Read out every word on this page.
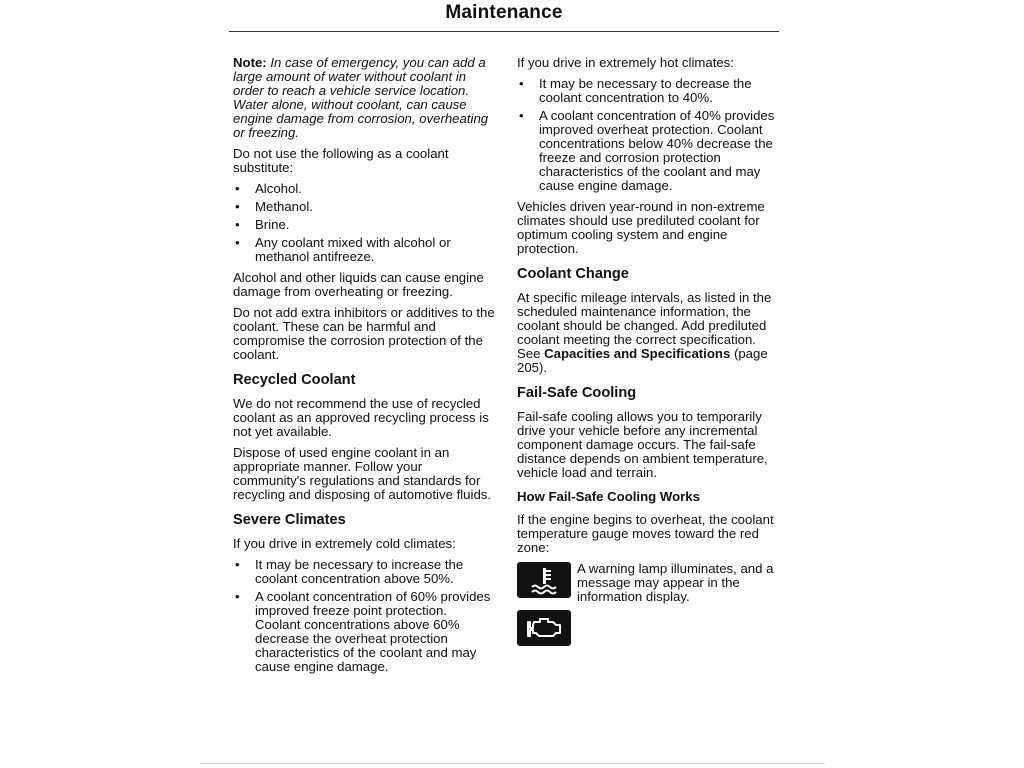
Maintenance

Note: In case of emergency, you can add a large amount of water without coolant in order to reach a vehicle service location. Water alone, without coolant, can cause engine damage from corrosion, overheating or freezing.

Do not use the following as a coolant substitute:

• Alcohol.
• Methanol.
• Brine.
• Any coolant mixed with alcohol or methanol antifreeze.

Alcohol and other liquids can cause engine damage from overheating or freezing.

Do not add extra inhibitors or additives to the coolant. These can be harmful and compromise the corrosion protection of the coolant.

Recycled Coolant

We do not recommend the use of recycled coolant as an approved recycling process is not yet available.

Dispose of used engine coolant in an appropriate manner. Follow your community's regulations and standards for recycling and disposing of automotive fluids.

Severe Climates

If you drive in extremely cold climates:

• It may be necessary to increase the coolant concentration above 50%.
• A coolant concentration of 60% provides improved freeze point protection. Coolant concentrations above 60% decrease the overheat protection characteristics of the coolant and may cause engine damage.

If you drive in extremely hot climates:

• It may be necessary to decrease the coolant concentration to 40%.
• A coolant concentration of 40% provides improved overheat protection. Coolant concentrations below 40% decrease the freeze and corrosion protection characteristics of the coolant and may cause engine damage.

Vehicles driven year-round in non-extreme climates should use prediluted coolant for optimum cooling system and engine protection.

Coolant Change

At specific mileage intervals, as listed in the scheduled maintenance information, the coolant should be changed. Add prediluted coolant meeting the correct specification. See Capacities and Specifications (page 205).

Fail-Safe Cooling

Fail-safe cooling allows you to temporarily drive your vehicle before any incremental component damage occurs. The fail-safe distance depends on ambient temperature, vehicle load and terrain.

How Fail-Safe Cooling Works

If the engine begins to overheat, the coolant temperature gauge moves toward the red zone:

A warning lamp illuminates, and a message may appear in the information display.
